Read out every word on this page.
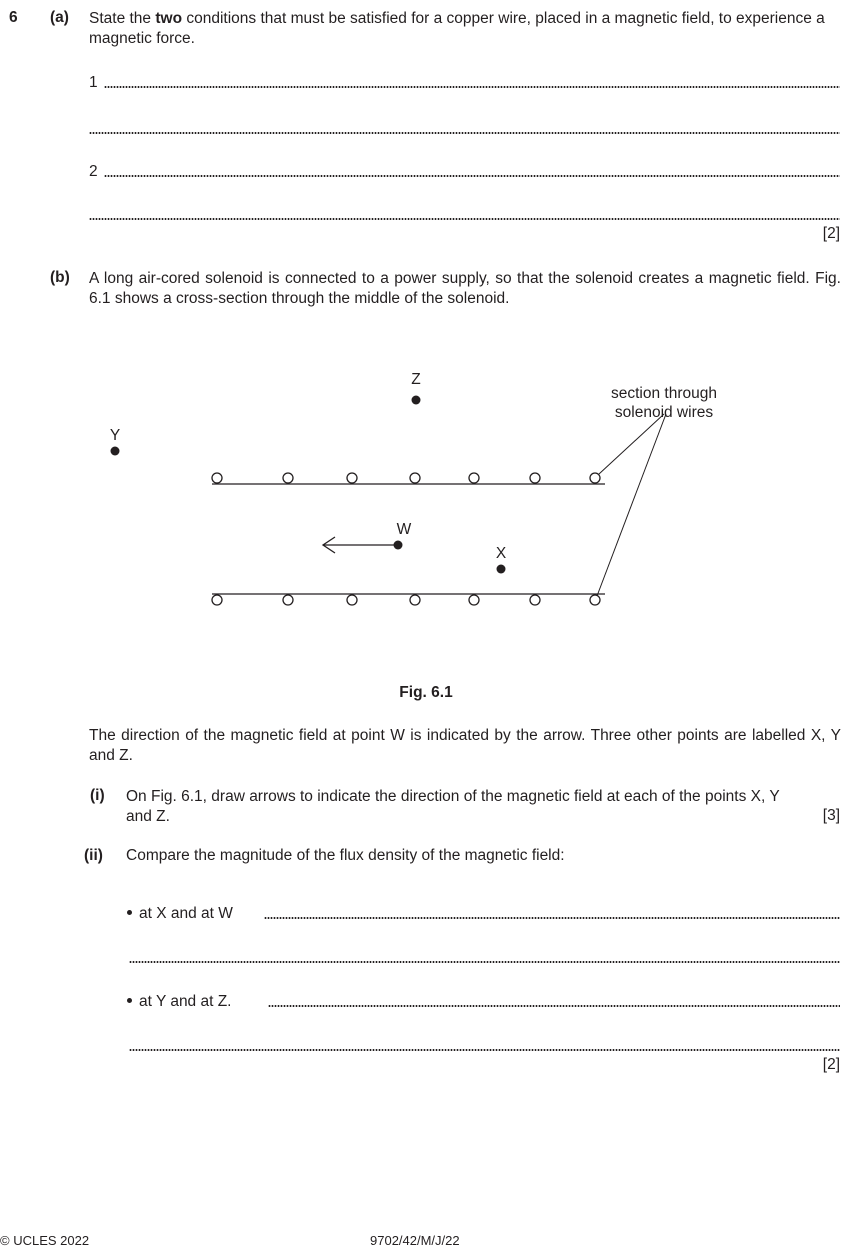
6 (a) State the two conditions that must be satisfied for a copper wire, placed in a magnetic field, to experience a magnetic force.
1
2
[2]
(b) A long air-cored solenoid is connected to a power supply, so that the solenoid creates a magnetic field. Fig. 6.1 shows a cross-section through the middle of the solenoid.
section through
solenoid wires
Z
Y
W
X
Fig. 6.1
The direction of the magnetic field at point W is indicated by the arrow. Three other points are labelled X, Y and Z.
(i) On Fig. 6.1, draw arrows to indicate the direction of the magnetic field at each of the points X, Y and Z.	[3]
(ii) Compare the magnitude of the flux density of the magnetic field:
at X and at W
at Y and at Z.
[2]
© UCLES 2022	9702/42/M/J/22
